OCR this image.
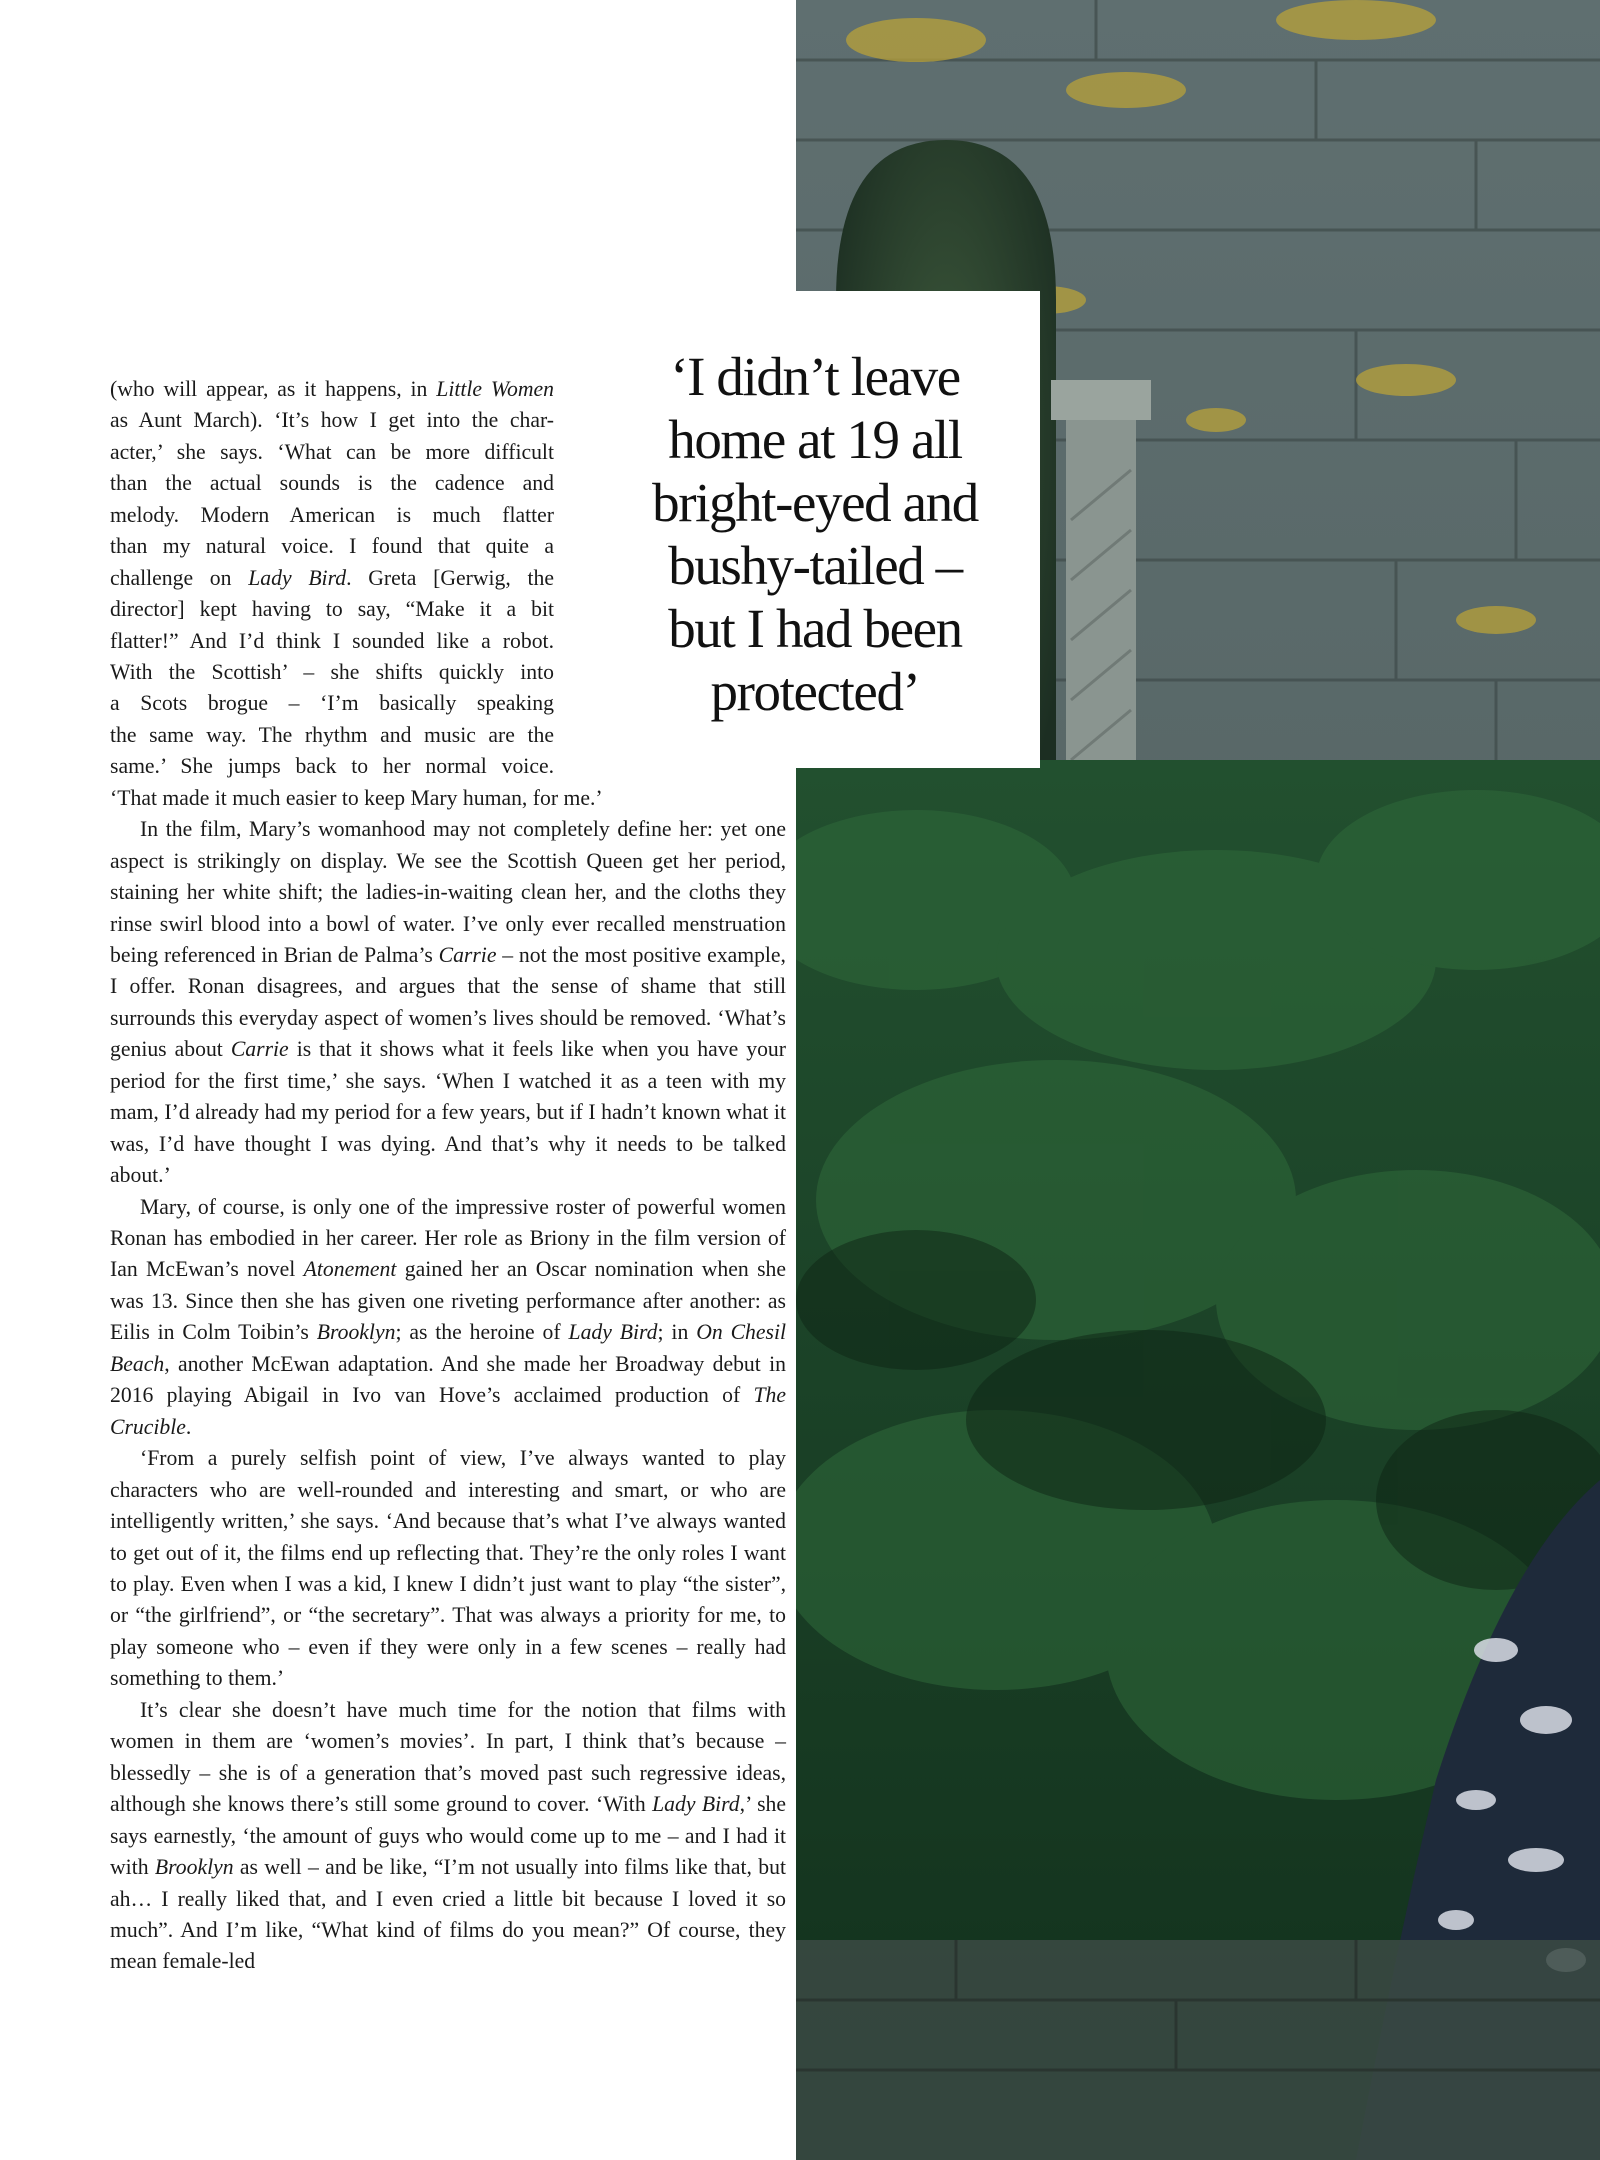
‘I didn’t leave
home at 19 all
bright-eyed and
bushy-tailed –
but I had been
protected’
(who will appear, as it happens, in Little Women
as Aunt March). ‘It’s how I get into the char-
acter,’ she says. ‘What can be more difficult
than the actual sounds is the cadence and
melody. Modern American is much flatter
than my natural voice. I found that quite a
challenge on Lady Bird. Greta [Gerwig, the
director] kept having to say, “Make it a bit
flatter!” And I’d think I sounded like a robot.
With the Scottish’ – she shifts quickly into
a Scots brogue – ‘I’m basically speaking
the same way. The rhythm and music are the
same.’ She jumps back to her normal voice.

‘That made it much easier to keep Mary human, for me.’

In the film, Mary’s womanhood may not completely define her: yet one aspect is strikingly on display. We see the Scottish Queen get her period, staining her white shift; the ladies-in-waiting clean her, and the cloths they rinse swirl blood into a bowl of water. I’ve only ever recalled menstruation being referenced in Brian de Palma’s Carrie – not the most positive example, I offer. Ronan disagrees, and argues that the sense of shame that still surrounds this everyday aspect of women’s lives should be removed. ‘What’s genius about Carrie is that it shows what it feels like when you have your period for the first time,’ she says. ‘When I watched it as a teen with my mam, I’d already had my period for a few years, but if I hadn’t known what it was, I’d have thought I was dying. And that’s why it needs to be talked about.’

Mary, of course, is only one of the impressive roster of powerful women Ronan has embodied in her career. Her role as Briony in the film version of Ian McEwan’s novel Atonement gained her an Oscar nomination when she was 13. Since then she has given one riveting performance after another: as Eilis in Colm Toibin’s Brooklyn; as the heroine of Lady Bird; in On Chesil Beach, another McEwan adaptation. And she made her Broadway debut in 2016 playing Abigail in Ivo van Hove’s acclaimed production of The Crucible.

‘From a purely selfish point of view, I’ve always wanted to play characters who are well-rounded and interesting and smart, or who are intelligently written,’ she says. ‘And because that’s what I’ve always wanted to get out of it, the films end up reflecting that. They’re the only roles I want to play. Even when I was a kid, I knew I didn’t just want to play “the sister”, or “the girlfriend”, or “the secretary”. That was always a priority for me, to play someone who – even if they were only in a few scenes – really had something to them.’

It’s clear she doesn’t have much time for the notion that films with women in them are ‘women’s movies’. In part, I think that’s because – blessedly – she is of a generation that’s moved past such regressive ideas, although she knows there’s still some ground to cover. ‘With Lady Bird,’ she says earnestly, ‘the amount of guys who would come up to me – and I had it with Brooklyn as well – and be like, “I’m not usually into films like that, but ah… I really liked that, and I even cried a little bit because I loved it so much”. And I’m like, “What kind of films do you mean?” Of course, they mean female-led
